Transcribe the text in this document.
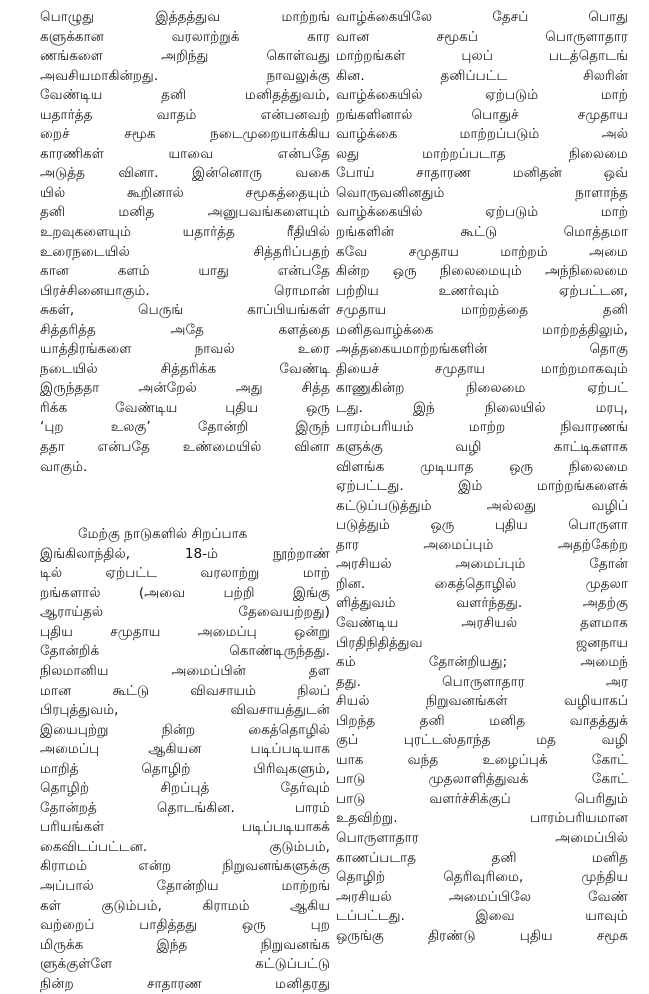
பொழுது இத்தத்துவ மாற்றங்
களுக்கான வரலாற்றுக் கார
ணங்களை அறிந்து கொள்வது
அவசியமாகின்றது. நாவலுக்கு
வேண்டிய தனி மனிதத்துவம்,
யதார்த்த வாதம் என்பனவற்
றைச் சமூக நடைமுறையாக்கிய
காரணிகள் யாவை என்பதே
அடுத்த வினா. இன்னொரு வகை
யில் கூறினால் சமூகத்தையும்
தனி மனித அனுபவங்களையும்
உறவுகளையும் யதார்த்த ரீதியில்
உரைநடையில் சித்தரிப்பதற்
கான களம் யாது என்பதே
பிரச்சினையாகும். ரொமான்
சுகள், பெருங் காப்பியங்கள்
சித்தரித்த அதே களத்தை
யாத்திரங்களை நாவல் உரை
நடையில் சித்தரிக்க வேண்டி
இருந்ததா அன்றேல் அது சித்த
ரிக்க வேண்டிய புதிய ஒரு
‘புற உலகு’ தோன்றி இருந்
ததா என்பதே உண்மையில் வினா
வாகும்.
மேற்கு நாடுகளில் சிறப்பாக
இங்கிலாந்தில், 18-ம் நூற்றாண்
டில் ஏற்பட்ட வரலாற்று மாற்
றங்களால் (அவை பற்றி இங்கு
ஆராய்தல் தேவையற்றது)
புதிய சமுதாய அமைப்பு ஒன்று
தோன்றிக் கொண்டிருந்தது.
நிலமானிய அமைப்பின் தள
மான கூட்டு விவசாயம் நிலப்
பிரபுத்துவம், விவசாயத்துடன்
இயைபுற்று நின்ற கைத்தொழில்
அமைப்பு ஆகியன படிப்படியாக
மாறித் தொழிற் பிரிவுகளும்,
தொழிற் சிறப்புத் தேர்வும்
தோன்றத் தொடங்கின. பாரம்
பரியங்கள் படிப்படியாகக்
கைவிடப்பட்டன. குடும்பம்,
கிராமம் என்ற நிறுவனங்களுக்கு
அப்பால் தோன்றிய மாற்றங்
கள் குடும்பம், கிராமம் ஆகிய
வற்றைப் பாதித்தது ஒரு புற
மிருக்க இந்த நிறுவனங்க
ளுக்குள்ளே கட்டுப்பட்டு
நின்ற சாதாரண மனிதரது
வாழ்க்கையிலே தேசப் பொது
வான சமூகப் பொருளாதார
மாற்றங்கள் புலப் படத்தொடங்
கின. தனிப்பட்ட சிலரின்
வாழ்க்கையில் ஏற்படும் மாற்
றங்களினால் பொதுச் சமுதாய
வாழ்க்கை மாற்றப்படும் அல்
லது மாற்றப்படாத நிலைமை
போய் சாதாரண மனிதன் ஒவ்
வொருவனினதும் நாளாந்த
வாழ்க்கையில் ஏற்படும் மாற்
றங்களின் கூட்டு மொத்தமா
கவே சமுதாய மாற்றம் அமை
கின்ற ஒரு நிலைமையும் அந்நிலைமை
பற்றிய உணர்வும் ஏற்பட்டன,
சமுதாய மாற்றத்தை தனி
மனிதவாழ்க்கை மாற்றத்திலும்,
அத்தகையமாற்றங்களின் தொகு
தியைச் சமுதாய மாற்றமாகவும்
காணுகின்ற நிலைமை ஏற்பட்
டது. இந் நிலையில் மரபு,
பாரம்பரியம் மாற்ற நிவாரணங்
களுக்கு வழி காட்டிகளாக
விளங்க முடியாத ஒரு நிலைமை
ஏற்பட்டது. இம் மாற்றங்களைக்
கட்டுப்படுத்தும் அல்லது வழிப்
படுத்தும் ஒரு புதிய பொருளா
தார அமைப்பும் அதற்கேற்ற
அரசியல் அமைப்பும் தோன்
றின. கைத்தொழில் முதலா
ளித்துவம் வளர்ந்தது. அதற்கு
வேண்டிய அரசியல் தளமாக
பிரதிநிதித்துவ ஜனநாய
கம் தோன்றியது; அமைந்
தது. பொருளாதார அர
சியல் நிறுவனங்கள் வழியாகப்
பிறந்த தனி மனித வாதத்துக்
குப் புரட்டஸ்தாந்த மத வழி
யாக வந்த உழைப்புக் கோட்
பாடு முதலாளித்துவக் கோட்
பாடு வளர்ச்சிக்குப் பெரிதும்
உதவிற்று. பாரம்பரியமான
பொருளாதார அமைப்பில்
காணப்படாத தனி மனித
தொழிற் தெரிவுரிமை, முந்திய
அரசியல் அமைப்பிலே வேண்
டப்பட்டது. இவை யாவும்
ஒருங்கு திரண்டு புதிய சமூக
